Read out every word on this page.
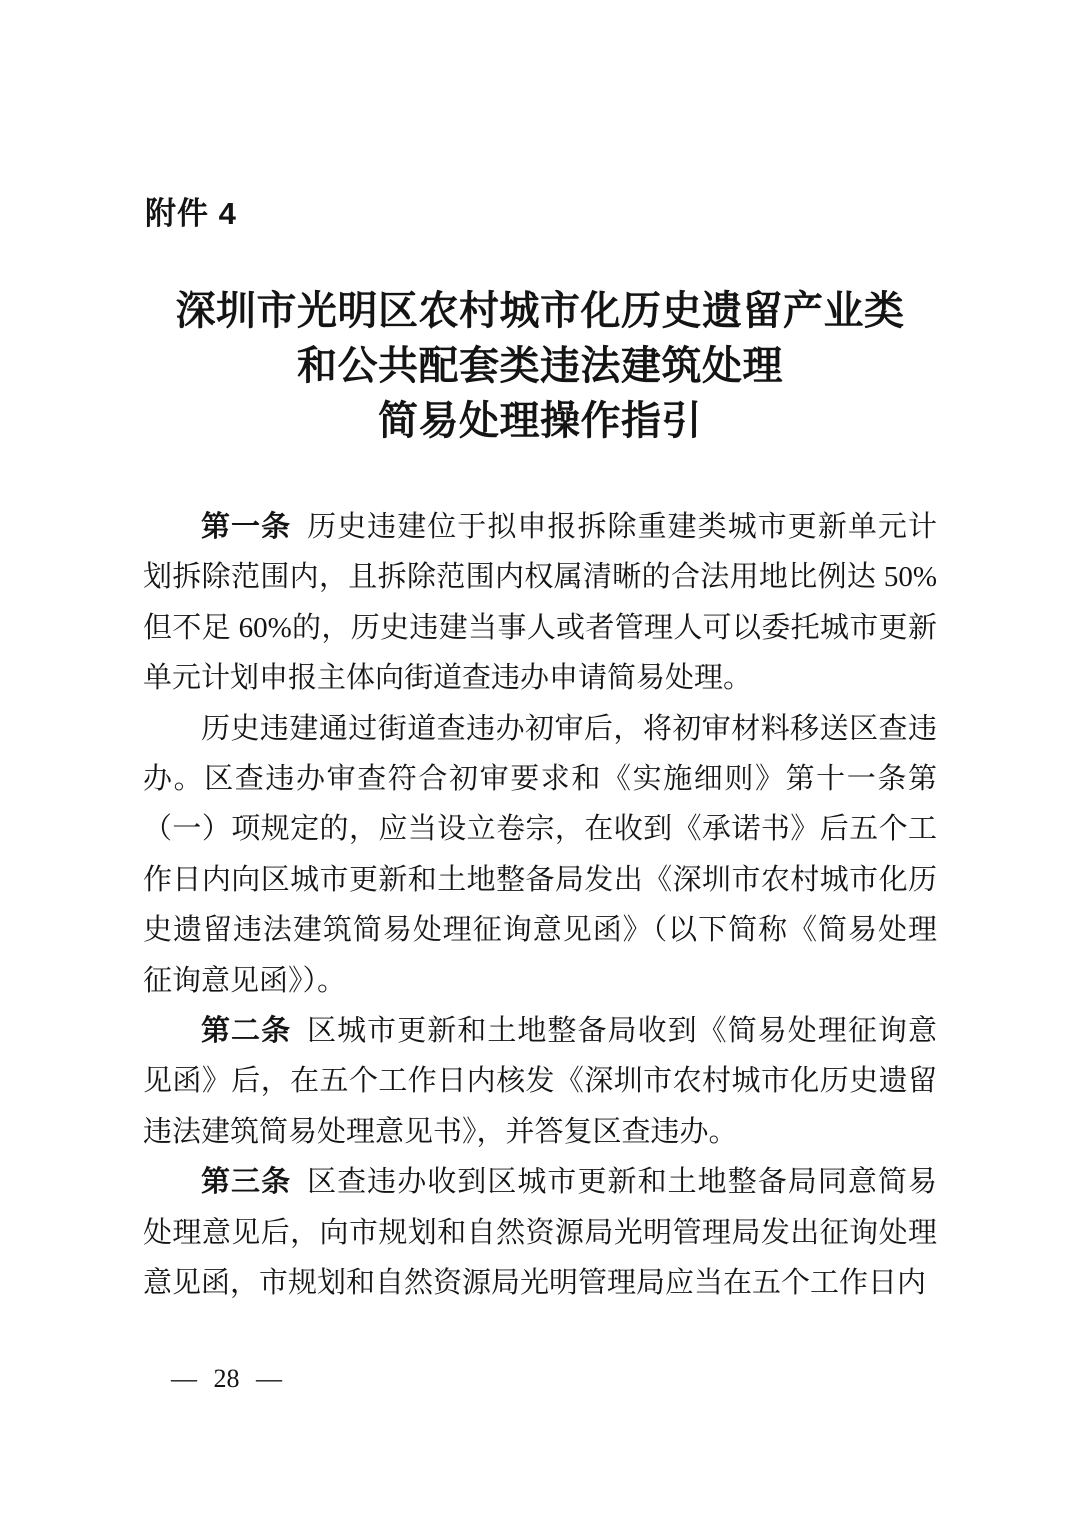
附件 4
深圳市光明区农村城市化历史遗留产业类
和公共配套类违法建筑处理
简易处理操作指引

第一条 历史违建位于拟申报拆除重建类城市更新单元计划拆除范围内，且拆除范围内权属清晰的合法用地比例达 50%但不足 60%的，历史违建当事人或者管理人可以委托城市更新单元计划申报主体向街道查违办申请简易处理。

历史违建通过街道查违办初审后，将初审材料移送区查违办。区查违办审查符合初审要求和《实施细则》第十一条第（一）项规定的，应当设立卷宗，在收到《承诺书》后五个工作日内向区城市更新和土地整备局发出《深圳市农村城市化历史遗留违法建筑简易处理征询意见函》（以下简称《简易处理征询意见函》）。

第二条 区城市更新和土地整备局收到《简易处理征询意见函》后，在五个工作日内核发《深圳市农村城市化历史遗留违法建筑简易处理意见书》，并答复区查违办。

第三条 区查违办收到区城市更新和土地整备局同意简易处理意见后，向市规划和自然资源局光明管理局发出征询处理意见函，市规划和自然资源局光明管理局应当在五个工作日内

— 28 —
